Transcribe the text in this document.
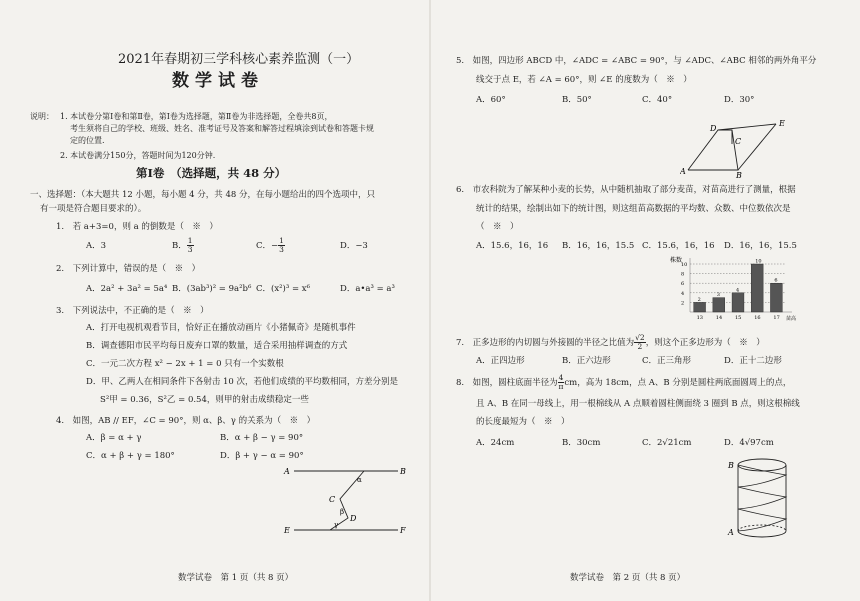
2021年春期初三学科核心素养监测（一）
数学试卷
说明： 1. 本试卷分第Ⅰ卷和第Ⅱ卷，第Ⅰ卷为选择题，第Ⅱ卷为非选择题，全卷共8页，
考生须将自己的学校、班级、姓名、准考证号及答案和解答过程填涂到试卷和答题卡规
定的位置.
2. 本试卷满分150分，答题时间为120分钟.
第Ⅰ卷　（选择题，共 48 分）
一、选择题：（本大题共 12 小题，每小题 4 分，共 48 分，在每小题给出的四个选项中，只
有一项是符合题目要求的）。
1.　若 a+3=0，则 a 的倒数是（　※　）
A．3	B． $\frac{1}{3}$	C．− $\frac{1}{3}$	D．−3
2.　下列计算中，错误的是（　※　）
A．2a² + 3a² = 5a⁴ B．(3ab³)² = 9a²b⁶ C．(x²)³ = x⁶	D．a•a³ = a³
3.　下列说法中，不正确的是（　※　）
A．打开电视机观看节目，恰好正在播放动画片《小猪佩奇》是随机事件
B．调查德阳市民平均每日废弃口罩的数量，适合采用抽样调查的方式
C．一元二次方程 x² − 2x + 1 = 0 只有一个实数根
D．甲、乙两人在相同条件下各射击 10 次，若他们成绩的平均数相同，方差分别是
S²甲 = 0.36，S²乙 = 0.54，则甲的射击成绩稳定一些
4.　如图，AB // EF，∠C = 90°，则 α、β、γ 的关系为（　※　）
A．β = α + γ	B．α + β − γ = 90°
C．α + β + γ = 180°	D．β + γ − α = 90°
A	B
C
D
E	F
α
β
γ
数学试卷　第 1 页（共 8 页）
5.　如图，四边形 ABCD 中，∠ADC = ∠ABC = 90°，与 ∠ADC、∠ABC 相邻的两外角平分
线交于点 E，若 ∠A = 60°，则 ∠E 的度数为（　※　）
A．60°	B．50°	C．40°	D．30°
A	B
C
D
E
6.　市农科院为了解某种小麦的长势，从中随机抽取了部分麦苗，对苗高进行了测量，根据
统计的结果，绘制出如下的统计图，则这组苗高数据的平均数、众数、中位数依次是
（　※　）
A．15.6，16，16 B．16，16，15.5 C．15.6，16，16 D．16，16，15.5
株数
苗高
2
4
6
8
10
2
13
3
14
4
15
10
16
6
17
7.　正多边形的内切圆与外接圆的半径之比值为 $\frac{√2}{2}$ ，则这个正多边形为（　※　）
A．正四边形	B．正六边形	C．正三角形	D．正十二边形
8.　如图，圆柱底面半径为 $\frac{4}{\pi}$ cm，高为 18cm，点 A、B 分别是圆柱两底面圆周上的点，
且 A、B 在同一母线上，用一根棉线从 A 点顺着圆柱侧面绕 3 圈到 B 点，则这根棉线
的长度最短为（　※　）
A．24cm	B．30cm	C．2√21cm	D．4√97cm
B
A
数学试卷　第 2 页（共 8 页）
